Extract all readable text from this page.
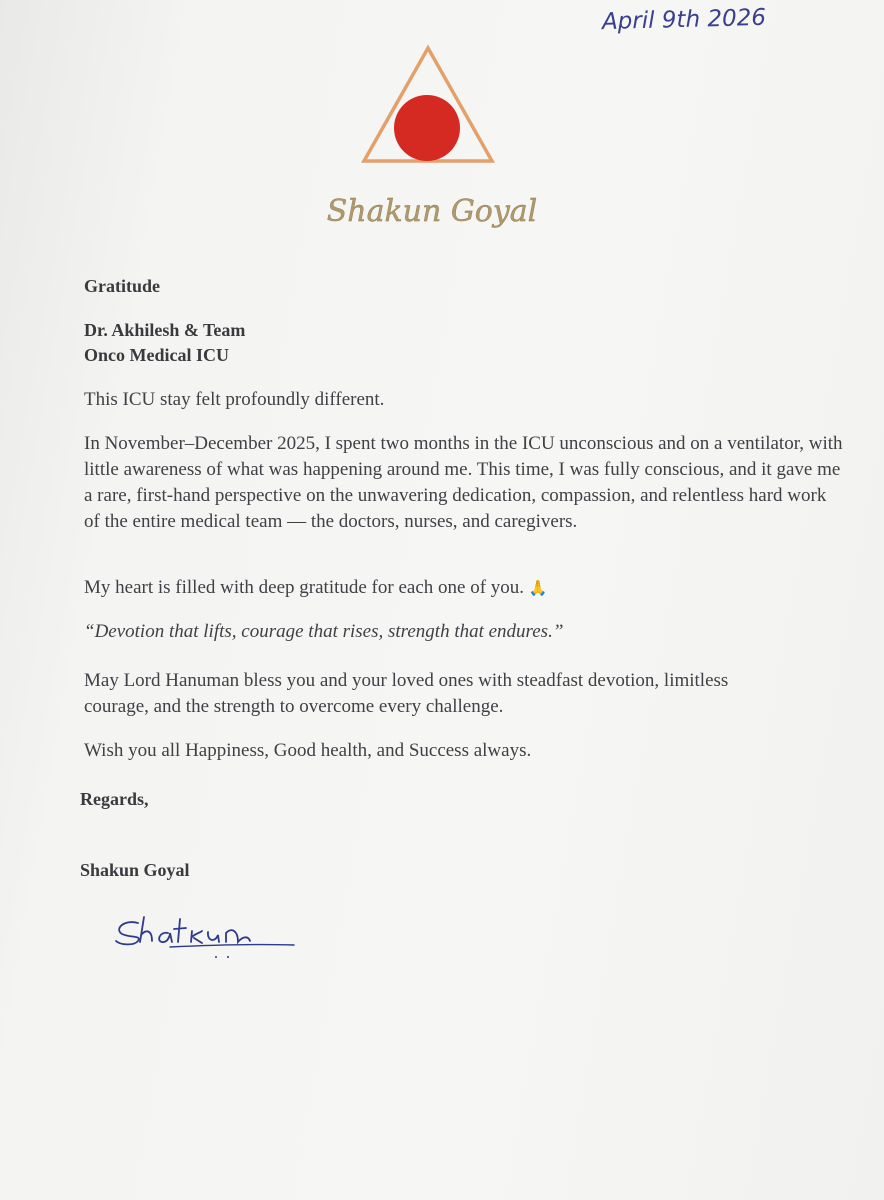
April 9th 2026
Shakun Goyal

Gratitude

Dr. Akhilesh & Team
Onco Medical ICU

This ICU stay felt profoundly different.

In November–December 2025, I spent two months in the ICU unconscious and on a ventilator, with little awareness of what was happening around me. This time, I was fully conscious, and it gave me a rare, first-hand perspective on the unwavering dedication, compassion, and relentless hard work of the entire medical team — the doctors, nurses, and caregivers.

My heart is filled with deep gratitude for each one of you. 🙏

“Devotion that lifts, courage that rises, strength that endures.”

May Lord Hanuman bless you and your loved ones with steadfast devotion, limitless courage, and the strength to overcome every challenge.

Wish you all Happiness, Good health, and Success always.

Regards,

Shakun Goyal
